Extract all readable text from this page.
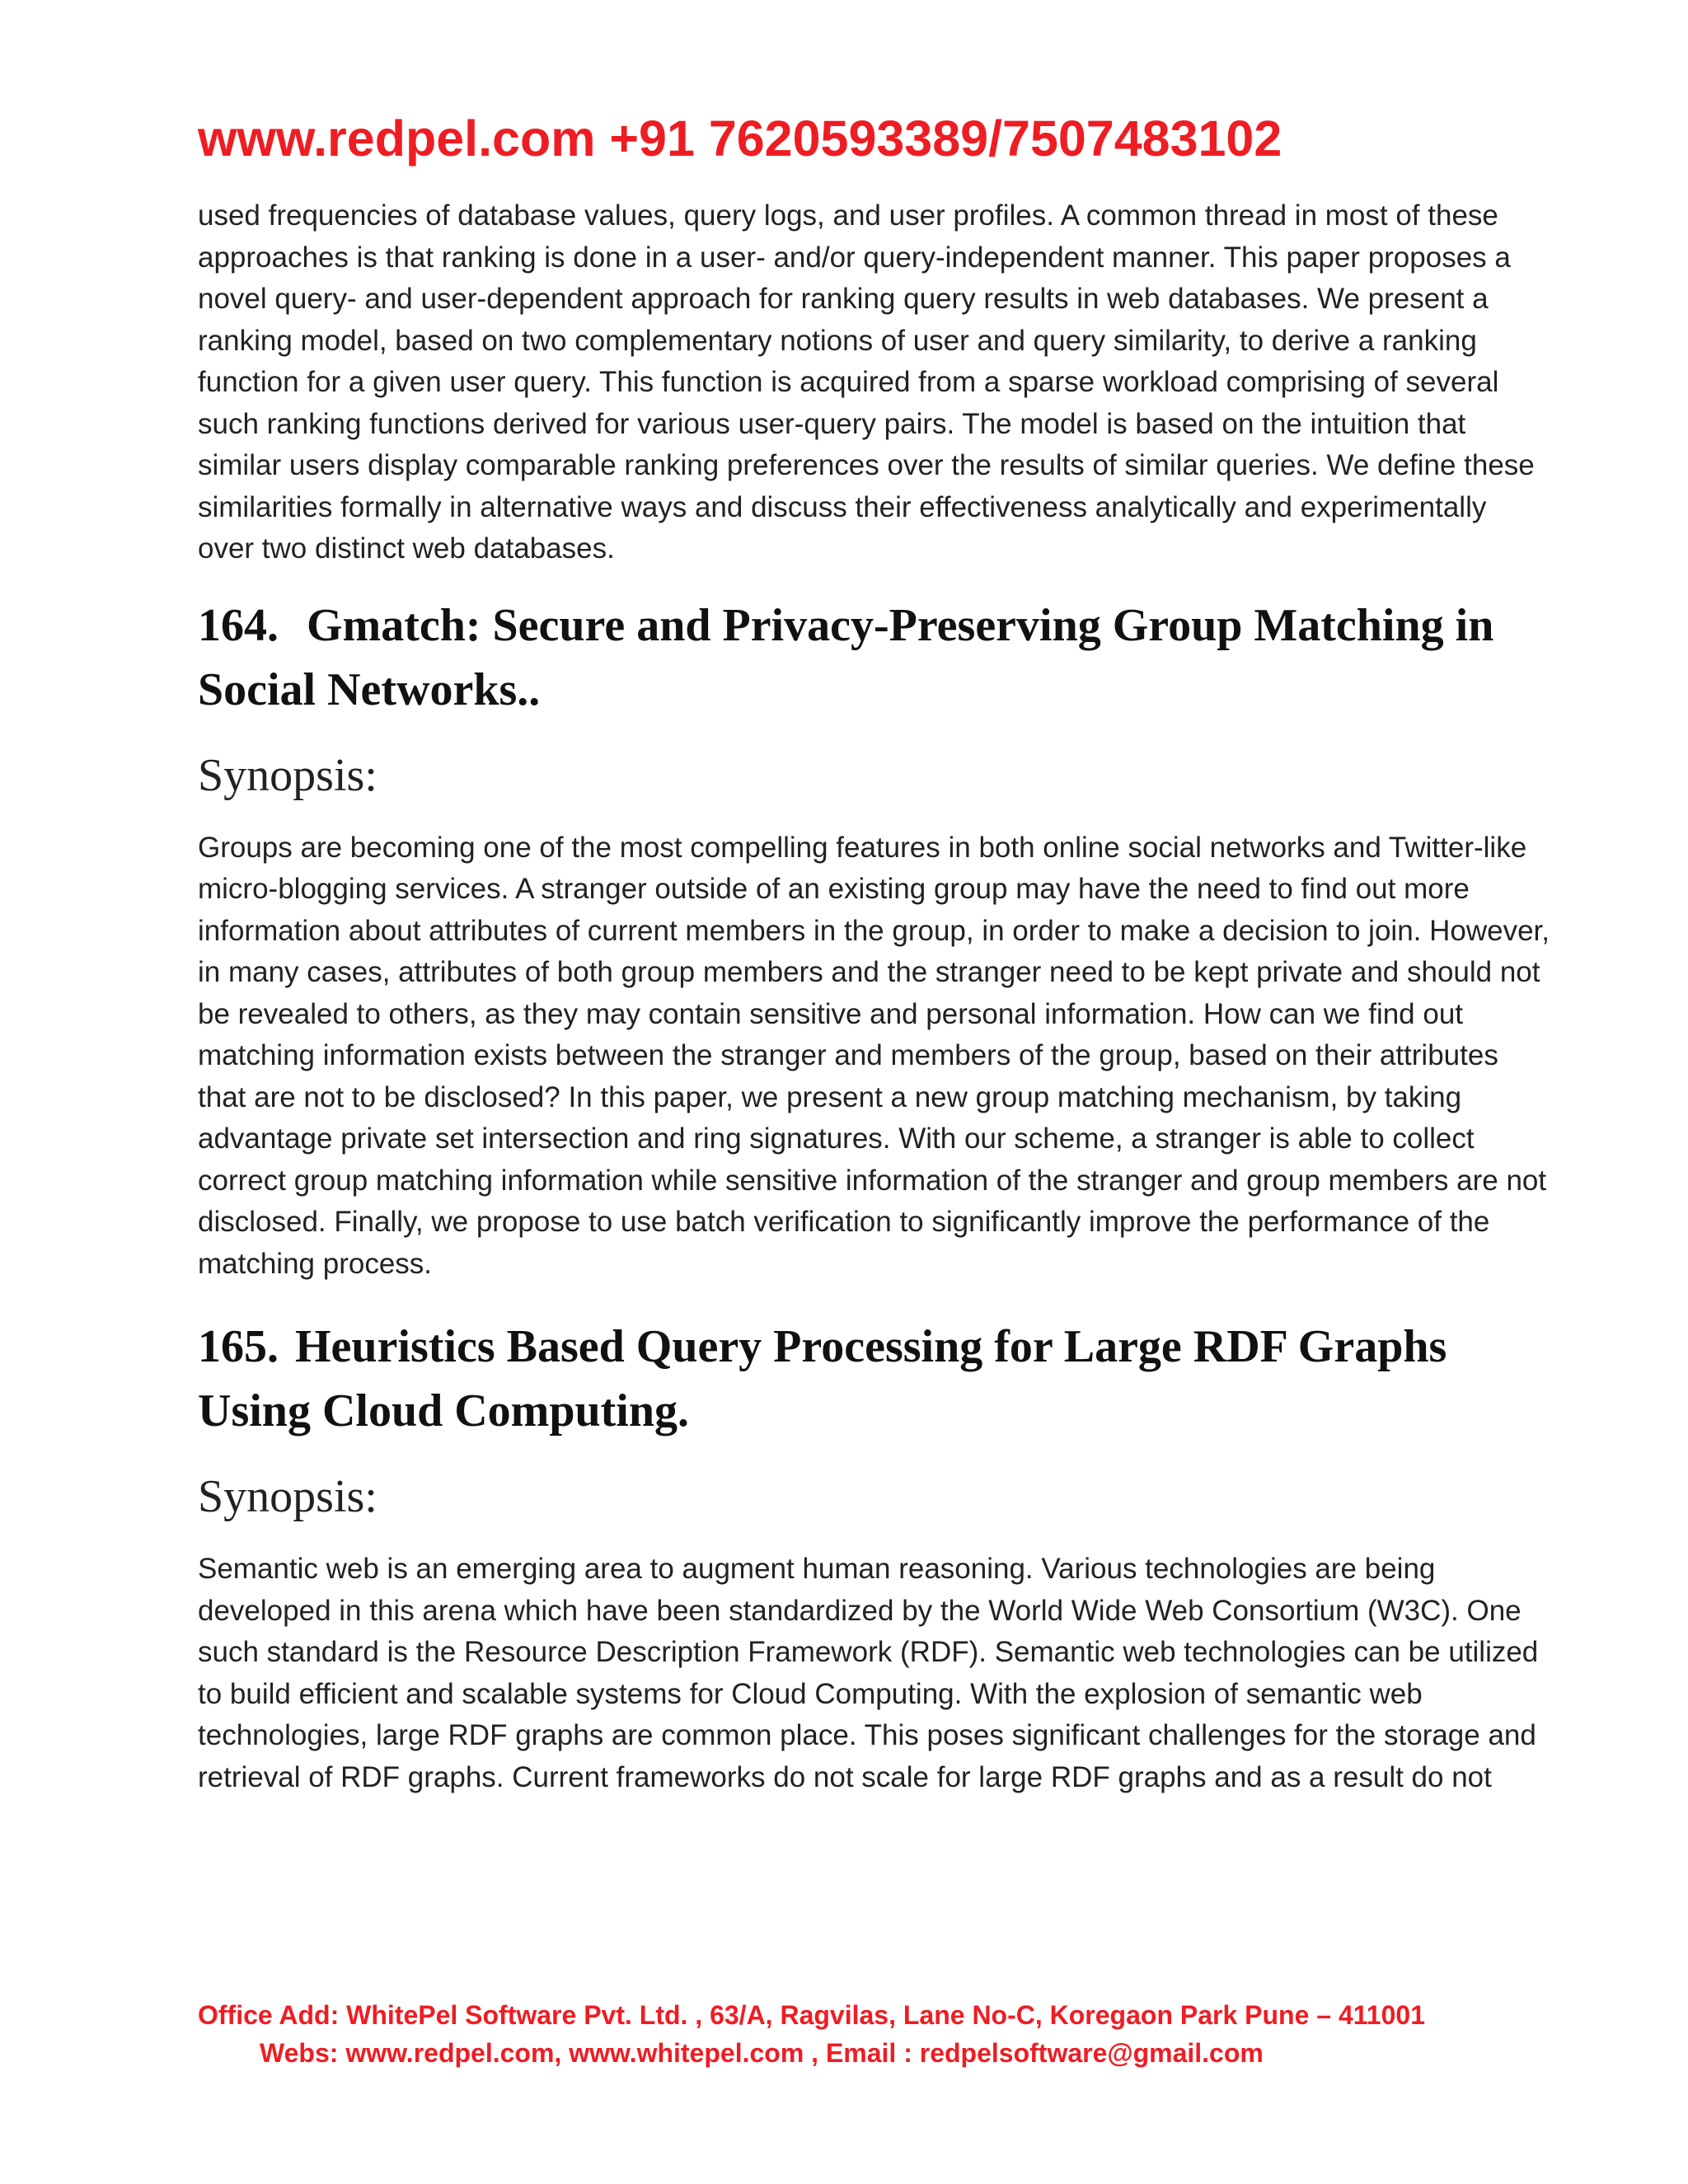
www.redpel.com +91 7620593389/7507483102

used frequencies of database values, query logs, and user profiles. A common thread in most of these approaches is that ranking is done in a user- and/or query-independent manner. This paper proposes a novel query- and user-dependent approach for ranking query results in web databases. We present a ranking model, based on two complementary notions of user and query similarity, to derive a ranking function for a given user query. This function is acquired from a sparse workload comprising of several such ranking functions derived for various user-query pairs. The model is based on the intuition that similar users display comparable ranking preferences over the results of similar queries. We define these similarities formally in alternative ways and discuss their effectiveness analytically and experimentally over two distinct web databases.

164. Gmatch: Secure and Privacy-Preserving Group Matching in Social Networks..
Synopsis:

Groups are becoming one of the most compelling features in both online social networks and Twitter-like micro-blogging services. A stranger outside of an existing group may have the need to find out more information about attributes of current members in the group, in order to make a decision to join. However, in many cases, attributes of both group members and the stranger need to be kept private and should not be revealed to others, as they may contain sensitive and personal information. How can we find out matching information exists between the stranger and members of the group, based on their attributes that are not to be disclosed? In this paper, we present a new group matching mechanism, by taking advantage private set intersection and ring signatures. With our scheme, a stranger is able to collect correct group matching information while sensitive information of the stranger and group members are not disclosed. Finally, we propose to use batch verification to significantly improve the performance of the matching process.

165. Heuristics Based Query Processing for Large RDF Graphs Using Cloud Computing.
Synopsis:

Semantic web is an emerging area to augment human reasoning. Various technologies are being developed in this arena which have been standardized by the World Wide Web Consortium (W3C). One such standard is the Resource Description Framework (RDF). Semantic web technologies can be utilized to build efficient and scalable systems for Cloud Computing. With the explosion of semantic web technologies, large RDF graphs are common place. This poses significant challenges for the storage and retrieval of RDF graphs. Current frameworks do not scale for large RDF graphs and as a result do not

Office Add: WhitePel Software Pvt. Ltd. , 63/A, Ragvilas, Lane No-C, Koregaon Park Pune – 411001
Webs: www.redpel.com, www.whitepel.com , Email : redpelsoftware@gmail.com
